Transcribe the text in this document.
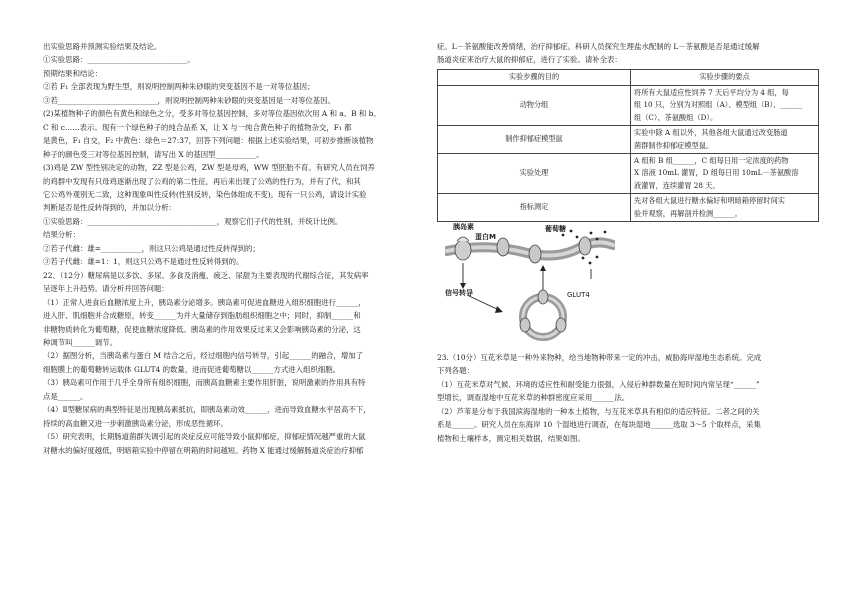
出实验思路并预测实验结果及结论。

①实验思路：___________________________。

预期结果和结论：

②若 F₁ 全部表现为野生型，则说明控制两种朱砂眼的突变基因不是一对等位基因；

③若___________________________，则说明控制两种朱砂眼的突变基因是一对等位基因。

(2)某植物种子的颜色有黄色和绿色之分，受多对等位基因控制，多对等位基因依次用 A 和 a、B 和 b、

C 和 c……表示。现有一个绿色种子的纯合品系 X，让 X 与一纯合黄色种子的植物杂交，F₁ 都

是黄色，F₁ 自交，F₂ 中黄色：绿色＝27:37，回答下列问题：根据上述实验结果，可初步推断该植物

种子的颜色受三对等位基因控制，请写出 X 的基因型___________。

(3)鸡是 ZW 型性别决定的动物，ZZ 型是公鸡，ZW 型是母鸡，WW 型胚胎不育。有研究人员在饲养

的鸡群中发现有只母鸡逐渐出现了公鸡的第二性征，再后来出现了公鸡的性行为，并有了代，和其

它公鸡外观别无二致，这种现象叫性反转(性别反转，染色体组成不变)。现有一只公鸡，请设计实验

判断是否是性反转得到的，并加以分析：

①实验思路：___________________________________，观察它们子代的性别，并统计比例。

结果分析：

②若子代雌：雄=___________，则这只公鸡是通过性反转得到的；

③若子代雌：雄=1：1，则这只公鸡不是通过性反转得到的。

22、（12分）糖尿病是以多饮、多尿、多食及消瘦、疲乏、尿甜为主要表现的代谢综合征，其发病率

呈逐年上升趋势。请分析并回答问题：

（1）正常人进食后血糖浓度上升，胰岛素分泌增多。胰岛素可促进血糖进入组织细胞进行______，

进入肝、肌细胞并合成糖原，转变______为并大量储存到脂肪组织细胞之中；同时，抑制______和

非糖物质转化为葡萄糖，促使血糖浓度降低。胰岛素的作用效果反过来又会影响胰岛素的分泌，这

种调节叫______调节。

（2）据图分析，当胰岛素与蛋白 M 结合之后，经过细胞内信号转导，引起______的融合，增加了

细胞膜上的葡萄糖转运载体 GLUT4 的数量，进而促进葡萄糖以______方式进入组织细胞。

（3）胰岛素可作用于几乎全身所有组织细胞，而胰高血糖素主要作用肝脏，说明激素的作用具有特

点是______。

（4）Ⅱ型糖尿病的典型特征是出现胰岛素抵抗，即胰岛素动效______，进而导致血糖水平居高不下，

持续的高血糖又进一步刺激胰岛素分泌，形成恶性循环。

（5）研究表明，长期肠道菌群失调引起的炎症反应可能导致小鼠抑郁症，抑郁症情况越严重的大鼠

对糖水的偏好度越低，明暗箱实验中停留在明箱的时间越短。药物 X 能通过缓解肠道炎症治疗抑郁

症。L－茶氨酸能改善情绪，治疗抑郁症。科研人员探究生理盐水配制的 L－茶氨酸是否是通过缓解

肠道炎症来治疗大鼠的抑郁症，进行了实验。请补全表：

实验步骤的目的	实验步骤的要点
动物分组	将所有大鼠适应性饲养 7 天后平均分为 4 组，每
组 10 只，分别为对照组（A）、模型组（B）、______
组（C）、茶氨酸组（D）。

制作抑郁症模型鼠	实验中除 A 组以外，其他各组大鼠通过改变肠道
菌群制作抑郁症模型鼠。

实验处理	A 组和 B 组______，C 组每日用一定浓度的药物
X 溶液 10mL 灌胃，D 组每日用 10mL－茶氨酸溶
液灌胃，连续灌胃 28 天。

指标测定	先对各组大鼠进行糖水偏好和明暗箱停留时间实
验并观察，再解剖并检测______。
胰岛素
蛋白M
葡萄糖
信号转导	GLUT4

23.（10分）互花米草是一种外来物种，给当地物种带来一定的冲击，威胁海岸湿地生态系统。完成

下列各题：

（1）互花米草对气候、环境的适应性和耐受能力很强，入侵后种群数量在短时间内常呈现“______”

型增长，调查湿地中互花米草的种群密度应采用______法。

（2）芦苇是分布于我国滨海湿地的一种本土植物，与互花米草具有相似的适应特征。二者之间的关

系是______。研究人员在东海岸 10 个湿地进行调查，在每块湿地______选取 3～5 个取样点，采集

植物和土壤样本，测定相关数据，结果如图。
